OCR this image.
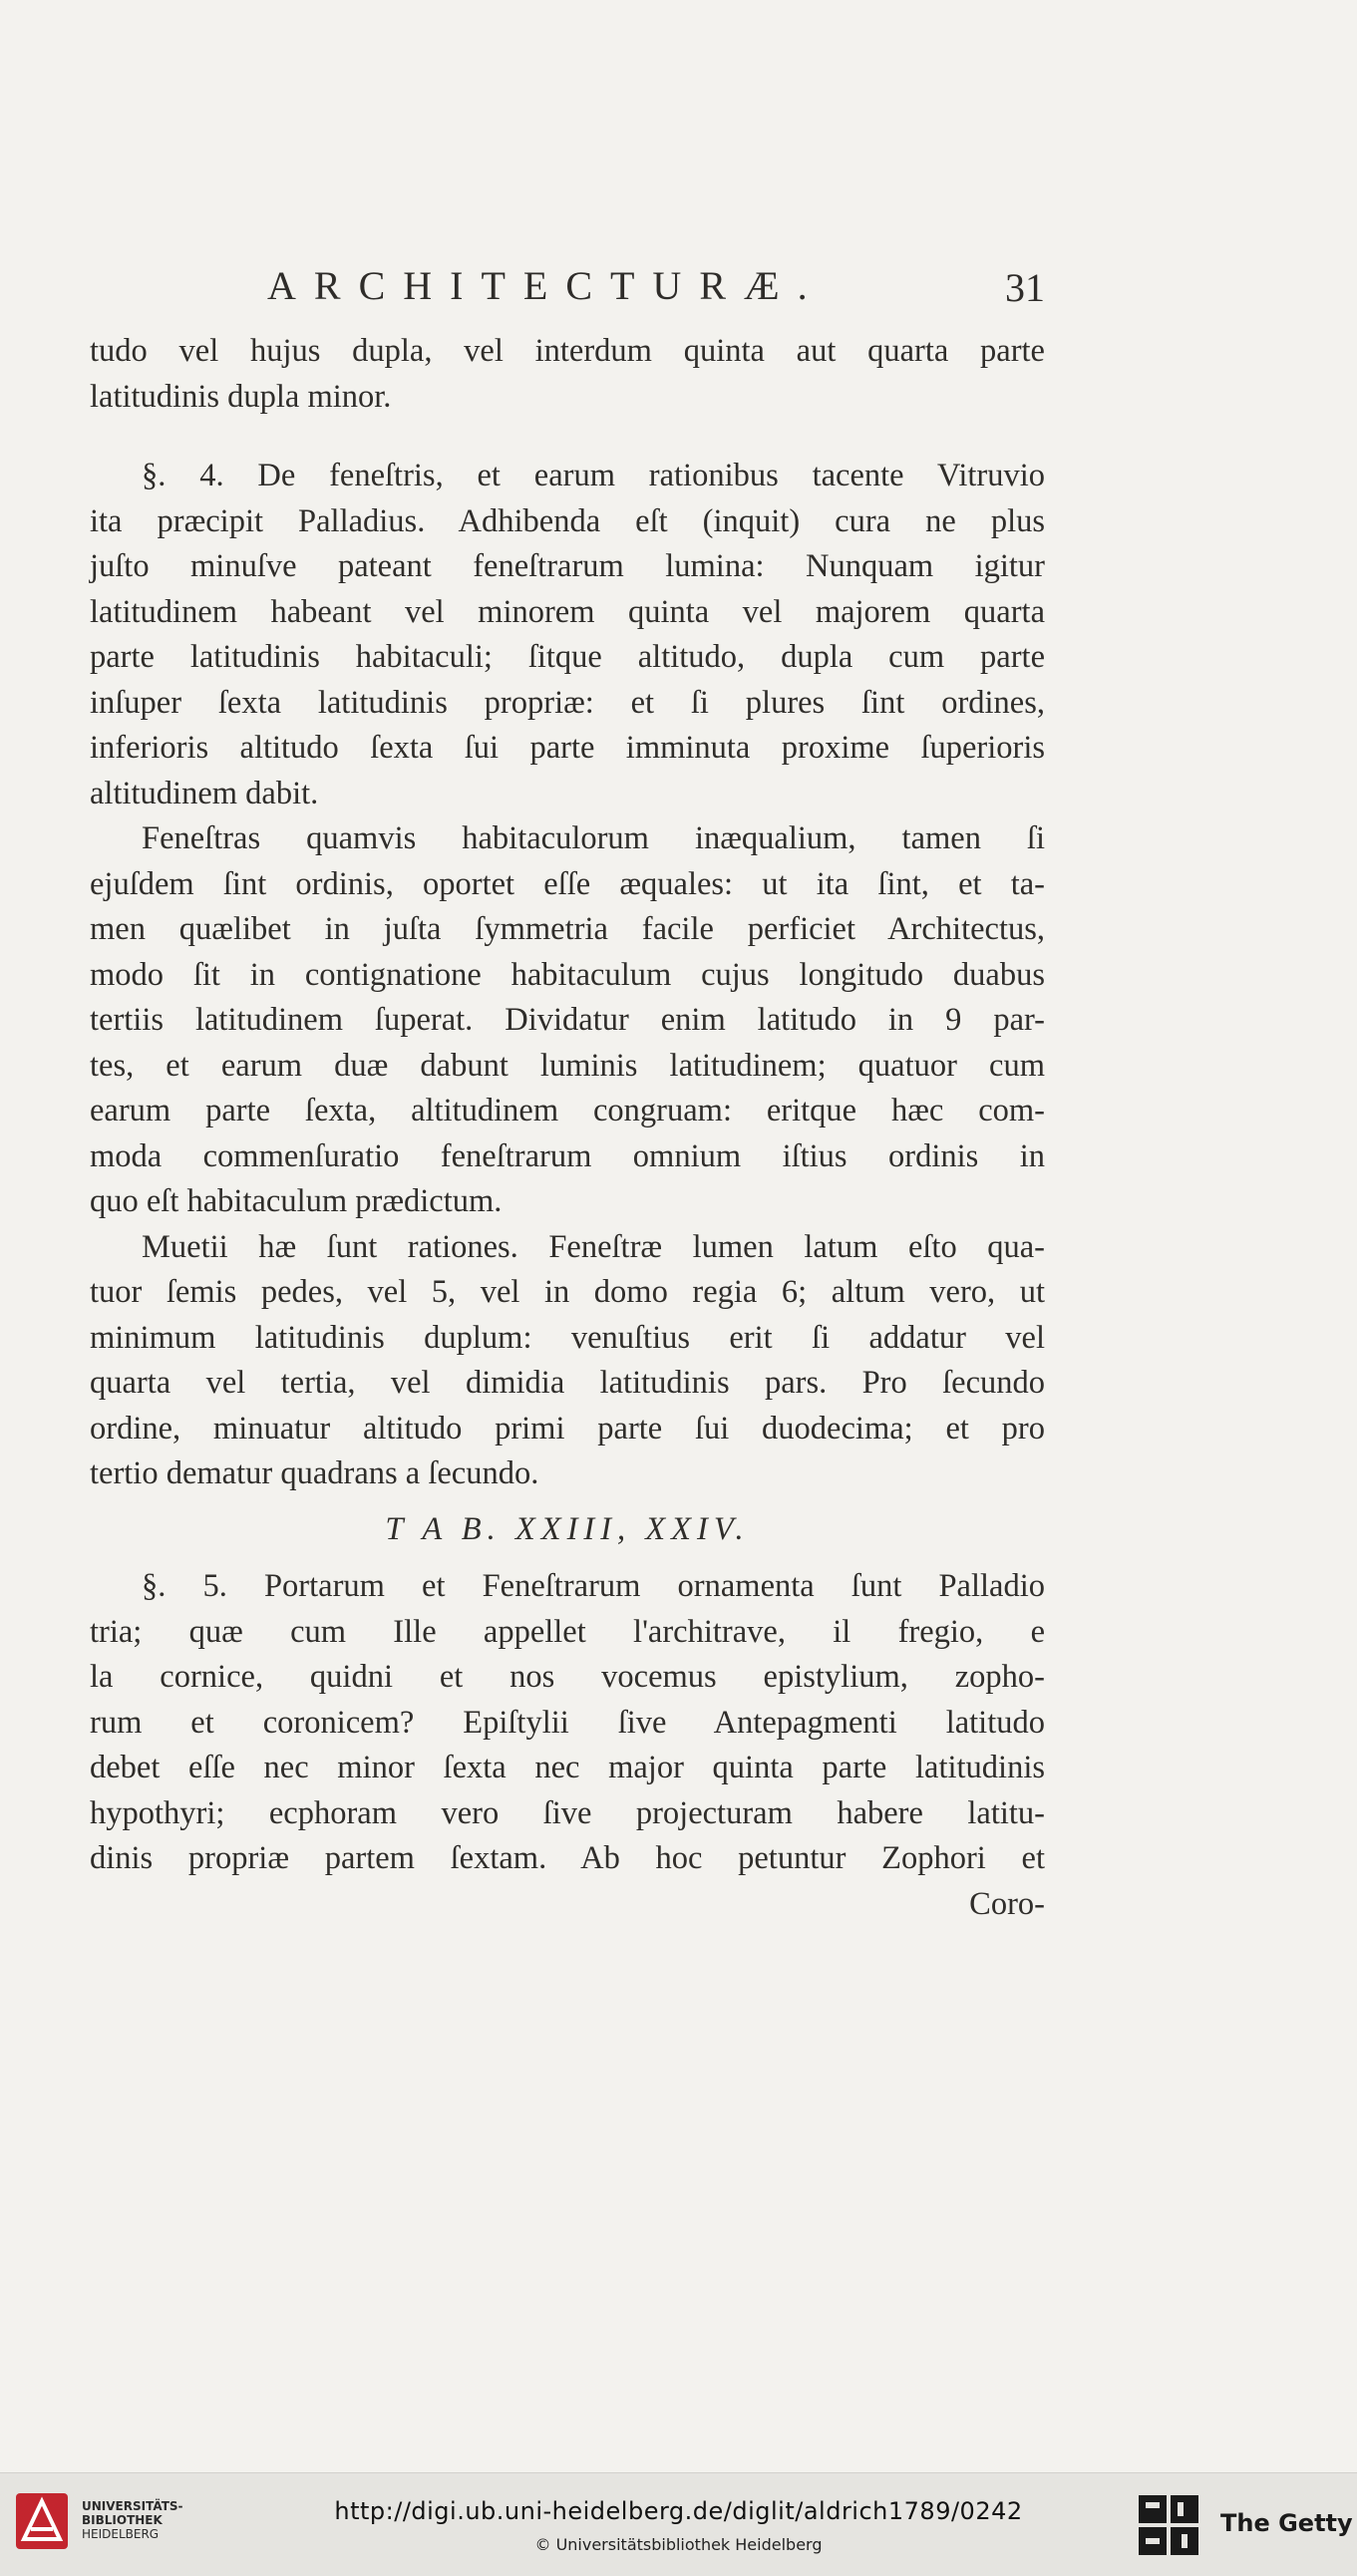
ARCHITECTURÆ.	31
tudo vel hujus dupla, vel interdum quinta aut quarta parte
latitudinis dupla minor.
§. 4. De feneſtris, et earum rationibus tacente Vitruvio
ita præcipit Palladius. Adhibenda eſt (inquit) cura ne plus
juſto minuſve pateant feneſtrarum lumina: Nunquam igitur
latitudinem habeant vel minorem quinta vel majorem quarta
parte latitudinis habitaculi; ſitque altitudo, dupla cum parte
inſuper ſexta latitudinis propriæ: et ſi plures ſint ordines,
inferioris altitudo ſexta ſui parte imminuta proxime ſuperioris
altitudinem dabit.
Feneſtras quamvis habitaculorum inæqualium, tamen ſi
ejuſdem ſint ordinis, oportet eſſe æquales: ut ita ſint, et ta-
men quælibet in juſta ſymmetria facile perficiet Architectus,
modo ſit in contignatione habitaculum cujus longitudo duabus
tertiis latitudinem ſuperat. Dividatur enim latitudo in 9 par-
tes, et earum duæ dabunt luminis latitudinem; quatuor cum
earum parte ſexta, altitudinem congruam: eritque hæc com-
moda commenſuratio feneſtrarum omnium iſtius ordinis in
quo eſt habitaculum prædictum.
Muetii hæ ſunt rationes. Feneſtræ lumen latum eſto qua-
tuor ſemis pedes, vel 5, vel in domo regia 6; altum vero, ut
minimum latitudinis duplum: venuſtius erit ſi addatur vel
quarta vel tertia, vel dimidia latitudinis pars. Pro ſecundo
ordine, minuatur altitudo primi parte ſui duodecima; et pro
tertio dematur quadrans a ſecundo.
T A B. XXIII, XXIV.
§. 5. Portarum et Feneſtrarum ornamenta ſunt Palladio
tria; quæ cum Ille appellet l'architrave, il fregio, e
la cornice, quidni et nos vocemus epistylium, zopho-
rum et coronicem? Epiſtylii ſive Antepagmenti latitudo
debet eſſe nec minor ſexta nec major quinta parte latitudinis
hypothyri; ecphoram vero ſive projecturam habere latitu-
dinis propriæ partem ſextam. Ab hoc petuntur Zophori et
Coro-
UNIVERSITÄTS-
BIBLIOTHEK
HEIDELBERG
http://digi.ub.uni-heidelberg.de/diglit/aldrich1789/0242
© Universitätsbibliothek Heidelberg
The Getty
